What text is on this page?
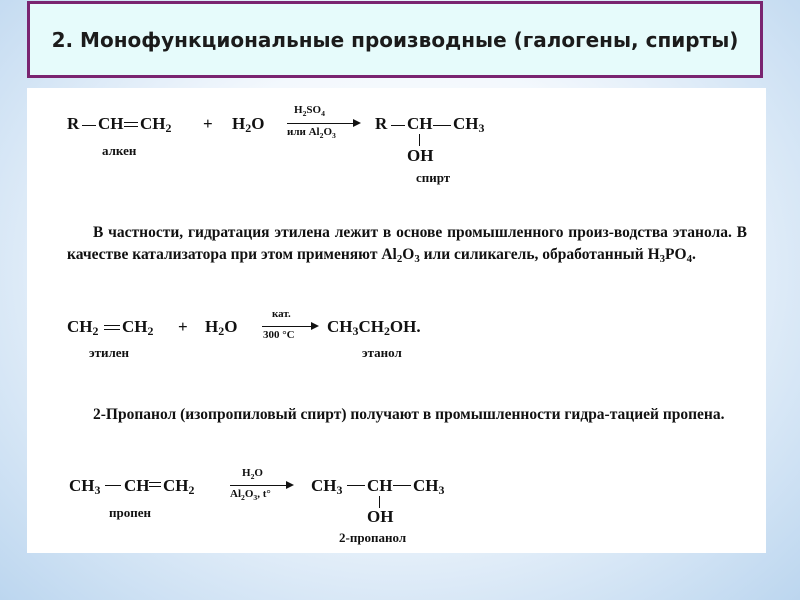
2. Монофункциональные производные (галогены, спирты)
R CH $CH_2 + H_2O$
$H_2SO_4$
или $Al_2O_3$
R CH $CH_3$
OH
алкен
спирт
В частности, гидратация этилена лежит в основе промышленного произ-водства этанола. В качестве катализатора при этом применяют $Al_2O_3$ или силикагель, обработанный $H_3PO_4$.
$CH_2$ $CH_2 + H_2O$
кат.
300 °C $CH_3CH_2OH$.
этилен	этанол
2-Пропанол (изопропиловый спирт) получают в промышленности гидра-тацией пропена.
$CH_3$ CH $CH_2$
$H_2O$
$Al_2O_3$, t° $CH_3$ CH $CH_3$
OH
пропен
2-пропанол
